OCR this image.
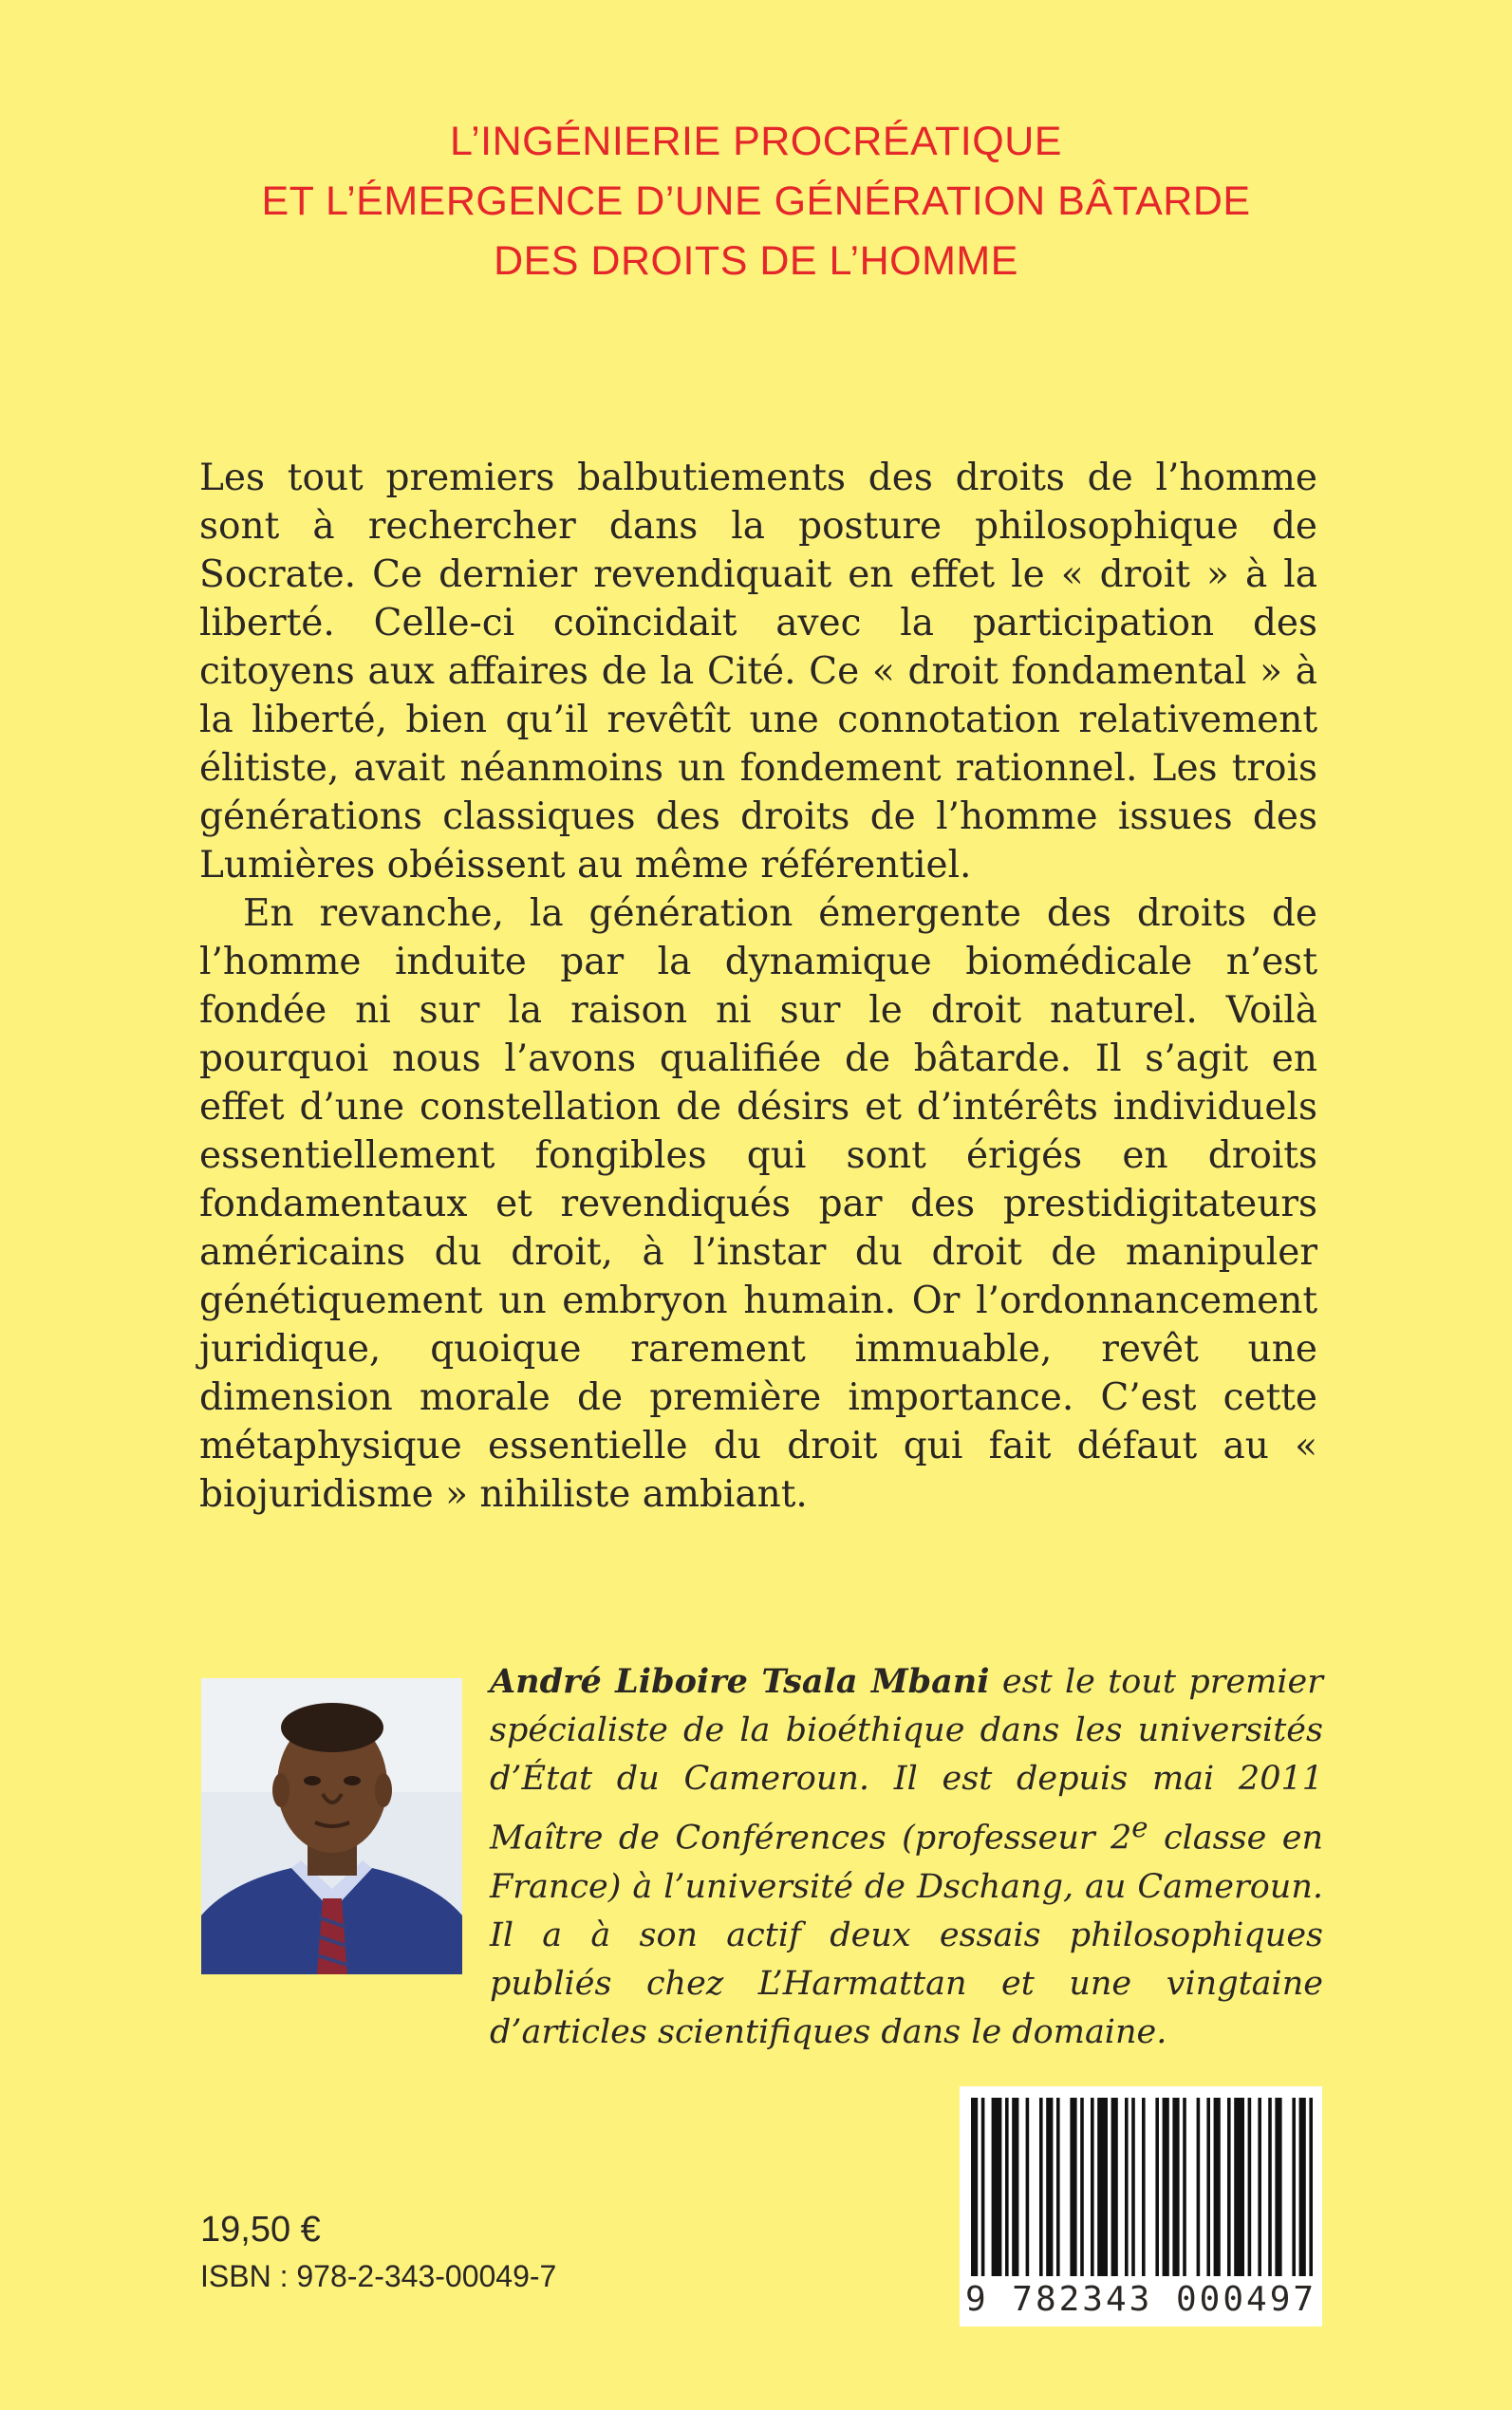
L’INGÉNIERIE PROCRÉATIQUE
ET L’ÉMERGENCE D’UNE GÉNÉRATION BÂTARDE
DES DROITS DE L’HOMME

Les tout premiers balbutiements des droits de l’homme sont à rechercher dans la posture philosophique de Socrate. Ce dernier revendiquait en effet le « droit » à la liberté. Celle-ci coïncidait avec la participation des citoyens aux affaires de la Cité. Ce « droit fondamental » à la liberté, bien qu’il revêtît une connotation relativement élitiste, avait néanmoins un fondement rationnel. Les trois générations classiques des droits de l’homme issues des Lumières obéissent au même référentiel.

En revanche, la génération émergente des droits de l’homme induite par la dynamique biomédicale n’est fondée ni sur la raison ni sur le droit naturel. Voilà pourquoi nous l’avons qualifiée de bâtarde. Il s’agit en effet d’une constellation de désirs et d’intérêts individuels essentiellement fongibles qui sont érigés en droits fondamentaux et revendiqués par des prestidigitateurs américains du droit, à l’instar du droit de manipuler génétiquement un embryon humain. Or l’ordonnancement juridique, quoique rarement immuable, revêt une dimension morale de première importance. C’est cette métaphysique essentielle du droit qui fait défaut au « biojuridisme » nihiliste ambiant.

André Liboire Tsala Mbani est le tout premier spécialiste de la bioéthique dans les universités d’État du Cameroun. Il est depuis mai 2011 Maître de Conférences (professeur 2e classe en France) à l’université de Dschang, au Cameroun. Il a à son actif deux essais philosophiques publiés chez L’Harmattan et une vingtaine d’articles scientifiques dans le domaine.
19,50 €
ISBN : 978-2-343-00049-7
9 782343 000497
